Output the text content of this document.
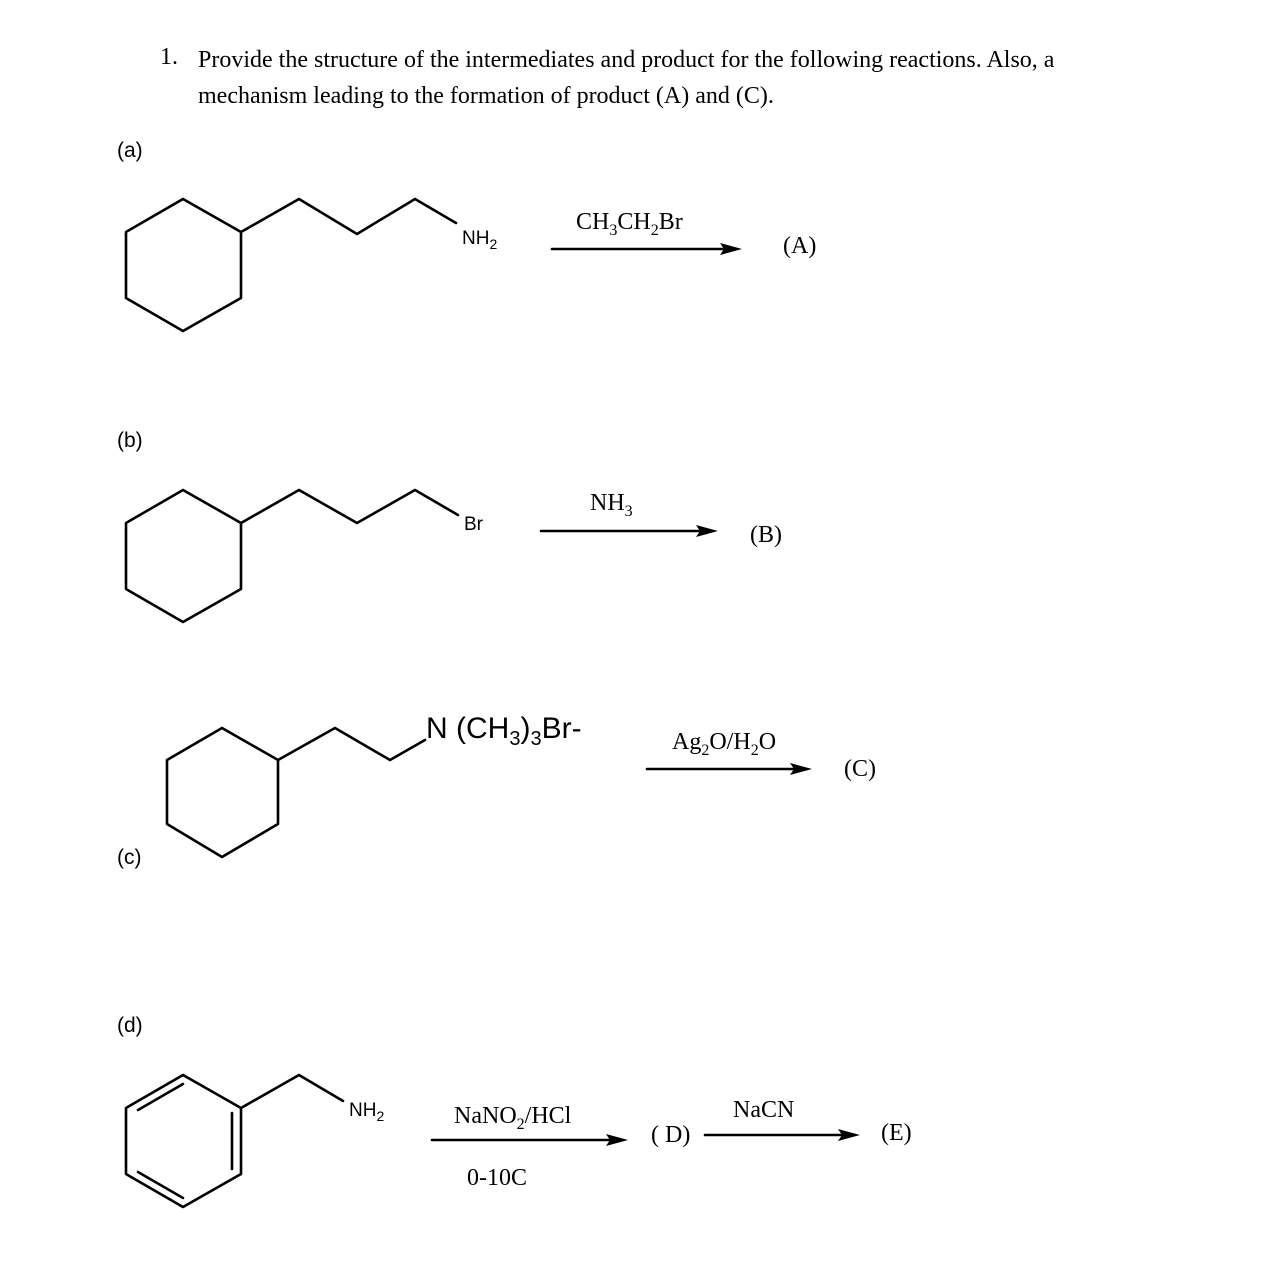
1. Provide the structure of the intermediates and product for the following reactions. Also, a
mechanism leading to the formation of product (A) and (C).
(a)
(b)
(c)
(d)
$NH_2$
$CH_3CH_2Br$
(A)
Br
$NH_3$
(B)
N $(CH_3)_3Br-$	$Ag_2O/H_2O$
(C)
$NH_2$	NaNO$_2$/HCl
0-10C
( D)
NaCN
(E)
